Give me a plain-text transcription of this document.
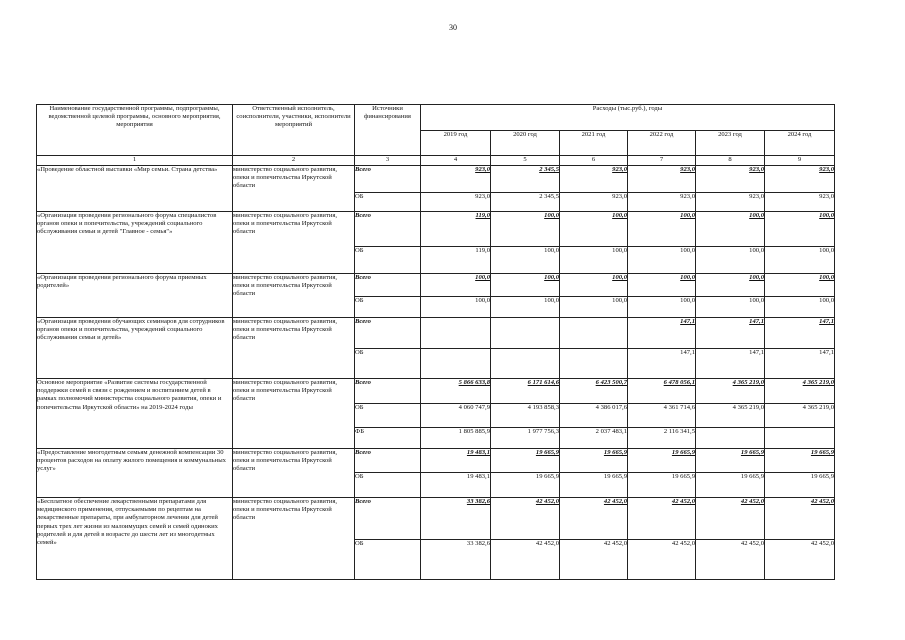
30
Наименование государственной программы, подпрограммы, ведомственной целевой программы, основного мероприятия, мероприятия	Ответственный исполнитель, соисполнители, участники, исполнители мероприятий	Источники финансирования	Расходы (тыс.руб.), годы					
			2019 год	2020 год	2021 год	2022 год	2023 год	2024 год
1	2	3	4	5	6	7	8	9
«Проведение областной выставки «Мир семьи. Страна детства»	министерство социального развития, опеки и попечительства Иркутской области	Всего	923,0	2 345,5	923,0	923,0	923,0	923,0
		ОБ	923,0	2 345,5	923,0	923,0	923,0	923,0
«Организация проведения регионального форума специалистов органов опеки и попечительства, учреждений социального обслуживания семьи и детей "Главное - семья"»	министерство социального развития, опеки и попечительства Иркутской области	Всего	119,0	100,0	100,0	100,0	100,0	100,0
		ОБ	119,0	100,0	100,0	100,0	100,0	100,0
«Организация проведения регионального форума приемных родителей»	министерство социального развития, опеки и попечительства Иркутской области	Всего	100,0	100,0	100,0	100,0	100,0	100,0
		ОБ	100,0	100,0	100,0	100,0	100,0	100,0
«Организация проведения обучающих семинаров для сотрудников органов опеки и попечительства, учреждений социального обслуживания семьи и детей»	министерство социального развития, опеки и попечительства Иркутской области	Всего				147,1	147,1	147,1
		ОБ				147,1	147,1	147,1
Основное мероприятие «Развитие системы государственной поддержки семей в связи с рождением и воспитанием детей в рамках полномочий министерства социального развития, опеки и попечительства Иркутской области» на 2019-2024 годы	министерство социального развития, опеки и попечительства Иркутской области	Всего	5 866 633,8	6 171 614,6	6 423 500,7	6 478 056,1	4 365 219,0	4 365 219,0
		ОБ	4 060 747,9	4 193 858,3	4 386 017,6	4 361 714,6	4 365 219,0	4 365 219,0
		ФБ	1 805 885,9	1 977 756,3	2 037 483,1	2 116 341,5		
«Предоставление многодетным семьям денежной компенсации 30 процентов расходов на оплату жилого помещения и коммунальных услуг»	министерство социального развития, опеки и попечительства Иркутской области	Всего	19 483,1	19 665,9	19 665,9	19 665,9	19 665,9	19 665,9
		ОБ	19 483,1	19 665,9	19 665,9	19 665,9	19 665,9	19 665,9
«Бесплатное обеспечение лекарственными препаратами для медицинского применения, отпускаемыми по рецептам на лекарственные препараты, при амбулаторном лечении для детей первых трех лет жизни из малоимущих семей и семей одиноких родителей и для детей в возрасте до шести лет из многодетных семей»	министерство социального развития, опеки и попечительства Иркутской области	Всего	33 382,6	42 452,0	42 452,0	42 452,0	42 452,0	42 452,0
		ОБ	33 382,6	42 452,0	42 452,0	42 452,0	42 452,0	42 452,0
